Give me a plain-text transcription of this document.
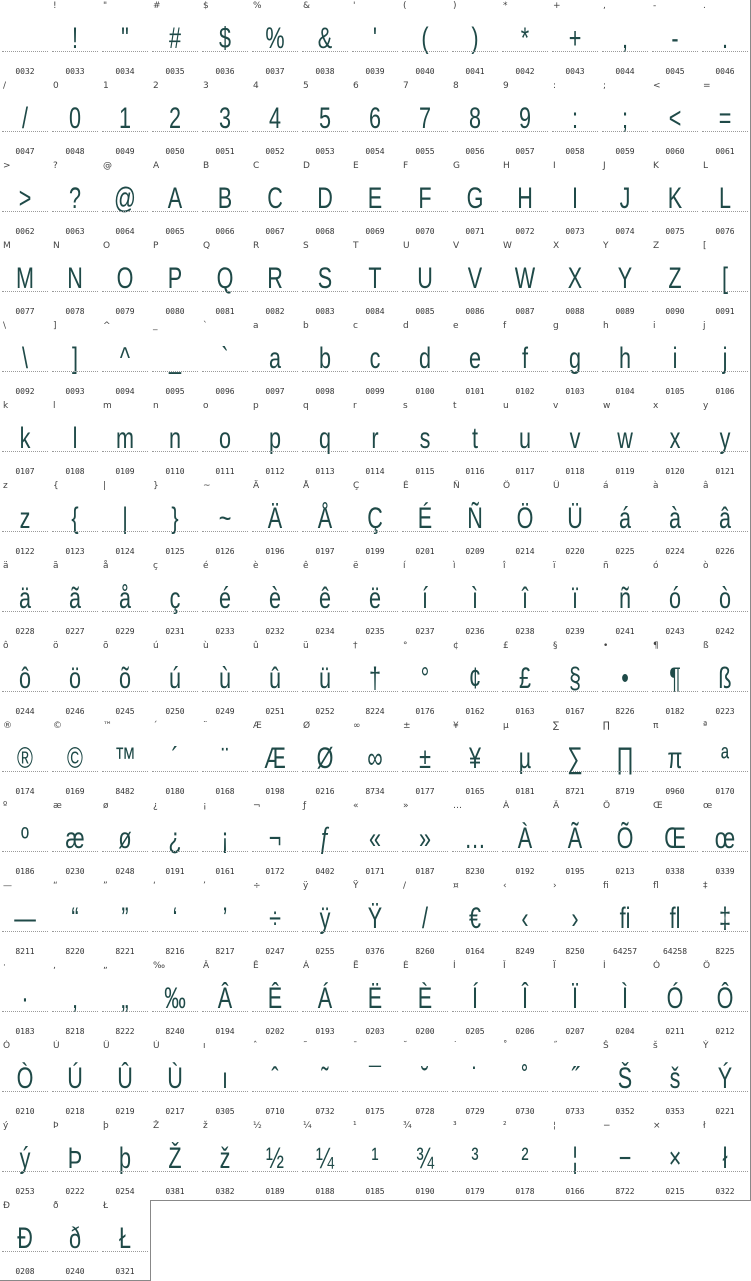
0032
!
!
0033
"
"
0034
#
#
0035
$
$
0036
%
%
0037
&
&
0038
'
'
0039
(
(
0040
)
)
0041
*
*
0042
+
+
0043
,
,
0044
-
-
0045
.
.
0046
/
/
0047
0
0
0048
1
1
0049
2
2
0050
3
3
0051
4
4
0052
5
5
0053
6
6
0054
7
7
0055
8
8
0056
9
9
0057
:
:
0058
;
;
0059
<
<
0060
=
=
0061
>
>
0062
?
?
0063
@
@
0064
A
A
0065
B
B
0066
C
C
0067
D
D
0068
E
E
0069
F
F
0070
G
G
0071
H
H
0072
I
I
0073
J
J
0074
K
K
0075
L
L
0076
M
M
0077
N
N
0078
O
O
0079
P
P
0080
Q
Q
0081
R
R
0082
S
S
0083
T
T
0084
U
U
0085
V
V
0086
W
W
0087
X
X
0088
Y
Y
0089
Z
Z
0090
[
[
0091
\
\
0092
]
]
0093
^
^
0094
_
_
0095
`
`
0096
a
a
0097
b
b
0098
c
c
0099
d
d
0100
e
e
0101
f
f
0102
g
g
0103
h
h
0104
i
i
0105
j
j
0106
k
k
0107
l
l
0108
m
m
0109
n
n
0110
o
o
0111
p
p
0112
q
q
0113
r
r
0114
s
s
0115
t
t
0116
u
u
0117
v
v
0118
w
w
0119
x
x
0120
y
y
0121
z
z
0122
{
{
0123
|
|
0124
}
}
0125
~
~
0126
Ä
Ä
0196
Å
Å
0197
Ç
Ç
0199
É
É
0201
Ñ
Ñ
0209
Ö
Ö
0214
Ü
Ü
0220
á
á
0225
à
à
0224
â
â
0226
ä
ä
0228
ã
ã
0227
å
å
0229
ç
ç
0231
é
é
0233
è
è
0232
ê
ê
0234
ë
ë
0235
í
í
0237
ì
ì
0236
î
î
0238
ï
ï
0239
ñ
ñ
0241
ó
ó
0243
ò
ò
0242
ô
ô
0244
ö
ö
0246
õ
õ
0245
ú
ú
0250
ù
ù
0249
û
û
0251
ü
ü
0252
†
†
8224
°
°
0176
¢
¢
0162
£
£
0163
§
§
0167
•
•
8226
¶
¶
0182
ß
ß
0223
®
®
0174
©
©
0169
™
™
8482
´
´
0180
¨
¨
0168
Æ
Æ
0198
Ø
Ø
0216
∞
∞
8734
±
±
0177
¥
¥
0165
µ
µ
0181
∑
∑
8721
∏
∏
8719
π
π
0960
ª
ª
0170
º
º
0186
æ
æ
0230
ø
ø
0248
¿
¿
0191
¡
¡
0161
¬
¬
0172
ƒ
ƒ
0402
«
«
0171
»
»
0187
…
…
8230
À
À
0192
Ã
Ã
0195
Õ
Õ
0213
Œ
Œ
0338
œ
œ
0339
—
—
8211
“
“
8220
”
”
8221
‘
‘
8216
’
’
8217
÷
÷
0247
ÿ
ÿ
0255
Ÿ
Ÿ
0376
/
/
8260
¤
€
0164
‹
‹
8249
›
›
8250
ﬁ
ﬁ
64257
ﬂ
ﬂ
64258
‡
‡
8225
·
·
0183
‚
‚
8218
„
„
8222
‰
‰
8240
Â
Â
0194
Ê
Ê
0202
Á
Á
0193
Ë
Ë
0203
È
È
0200
Í
Í
0205
Î
Î
0206
Ï
Ï
0207
Ì
Ì
0204
Ó
Ó
0211
Ô
Ô
0212
Ò
Ò
0210
Ú
Ú
0218
Û
Û
0219
Ù
Ù
0217
ı
ı
0305
ˆ
ˆ
0710
˜
˜
0732
¯
¯
0175
˘
˘
0728
˙
˙
0729
˚
˚
0730
˝
˝
0733
Š
Š
0352
š
š
0353
Ý
Ý
0221
ý
ý
0253
Þ
Þ
0222
þ
þ
0254
Ž
Ž
0381
ž
ž
0382
½
½
0189
¼
¼
0188
¹
¹
0185
¾
¾
0190
³
³
0179
²
²
0178
¦
¦
0166
−
−
8722
×
×
0215
ł
ł
0322
Đ
Đ
0208
ð
ð
0240
Ł
Ł
0321
